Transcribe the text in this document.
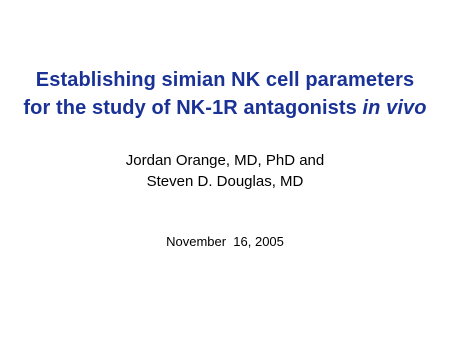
Establishing simian NK cell parameters
for the study of NK-1R antagonists in vivo
Jordan Orange, MD, PhD and
Steven D. Douglas, MD
November  16, 2005
